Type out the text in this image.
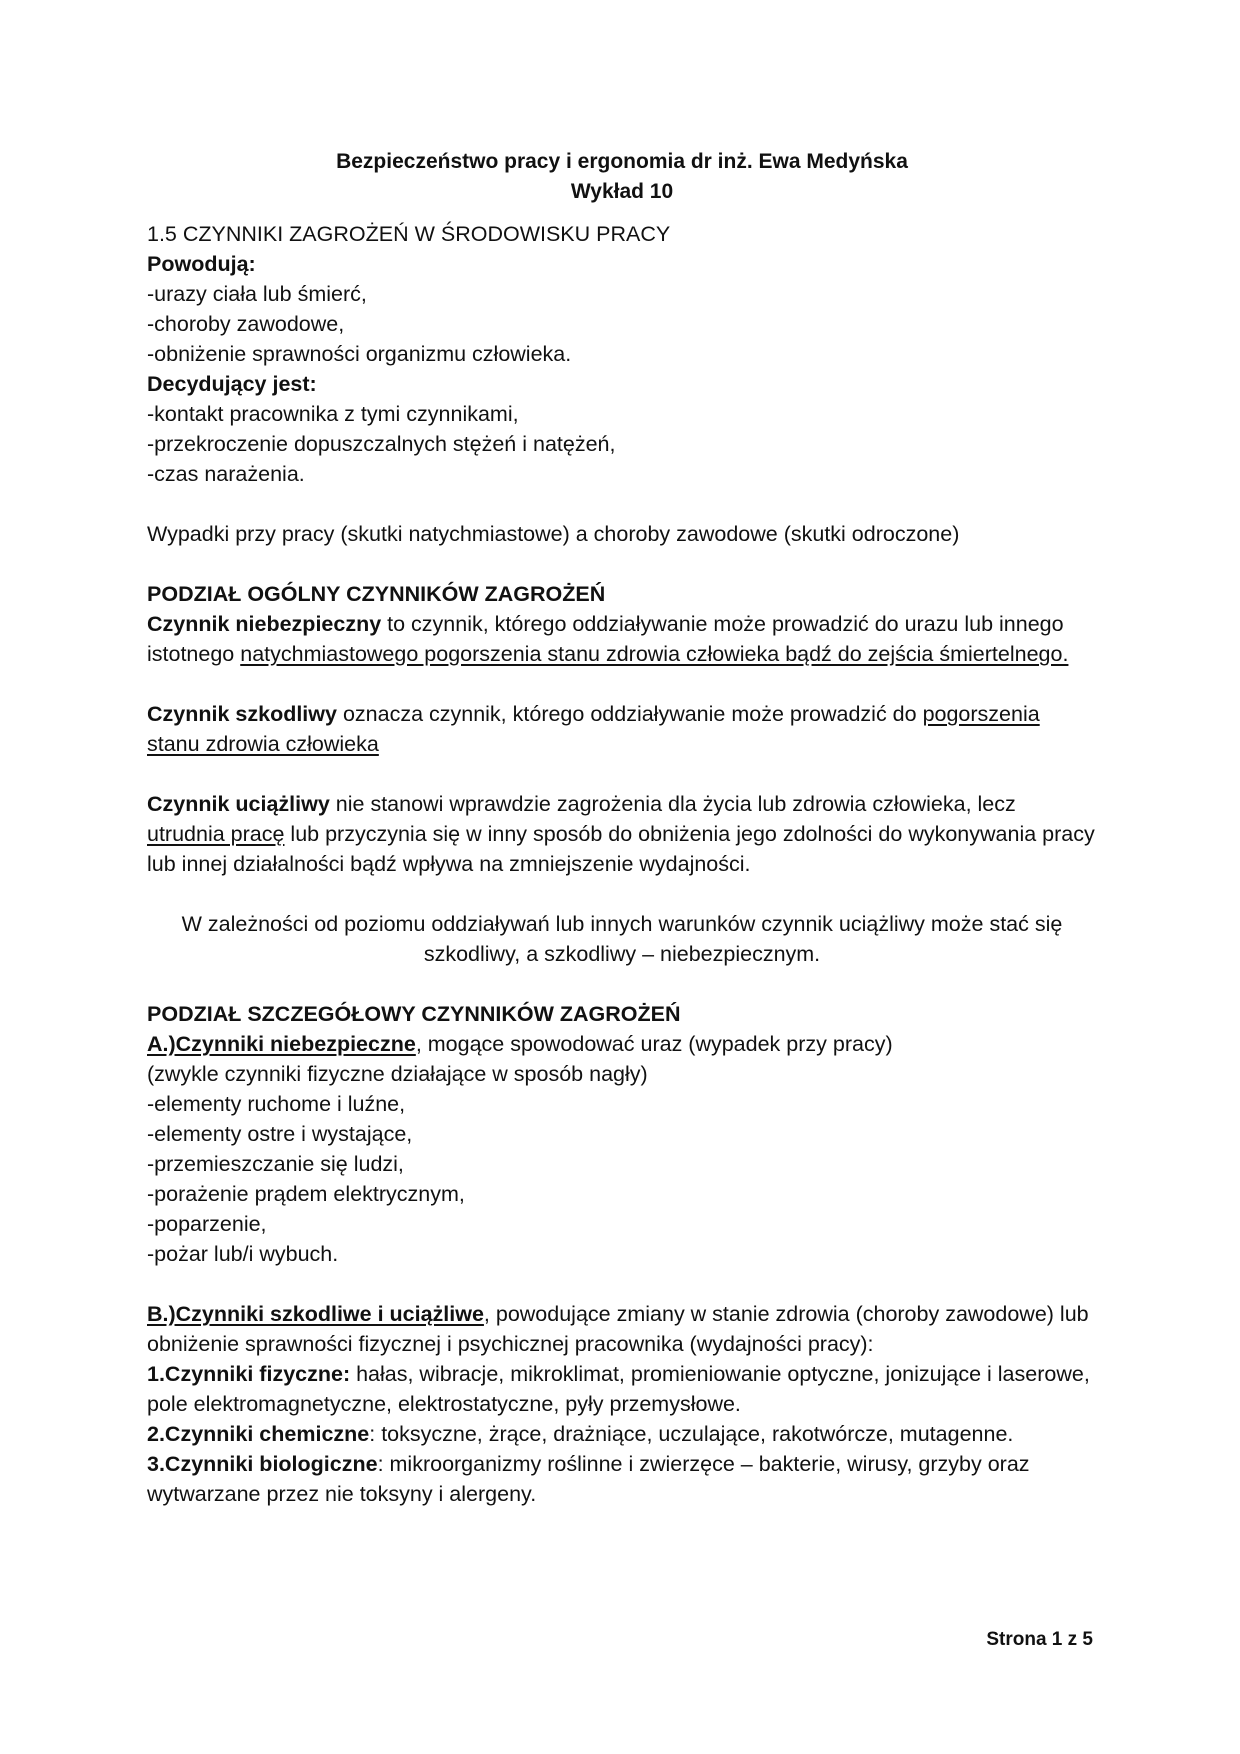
Bezpieczeństwo pracy i ergonomia dr inż. Ewa Medyńska

Wykład 10

1.5 CZYNNIKI ZAGROŻEŃ W ŚRODOWISKU PRACY

Powodują:

-urazy ciała lub śmierć,

-choroby zawodowe,

-obniżenie sprawności organizmu człowieka.

Decydujący jest:

-kontakt pracownika z tymi czynnikami,

-przekroczenie dopuszczalnych stężeń i natężeń,

-czas narażenia.

Wypadki przy pracy (skutki natychmiastowe) a choroby zawodowe (skutki odroczone)

PODZIAŁ OGÓLNY CZYNNIKÓW ZAGROŻEŃ

Czynnik niebezpieczny to czynnik, którego oddziaływanie może prowadzić do urazu lub innego istotnego natychmiastowego pogorszenia stanu zdrowia człowieka bądź do zejścia śmiertelnego.

Czynnik szkodliwy oznacza czynnik, którego oddziaływanie może prowadzić do pogorszenia stanu zdrowia człowieka

Czynnik uciążliwy nie stanowi wprawdzie zagrożenia dla życia lub zdrowia człowieka, lecz utrudnia pracę lub przyczynia się w inny sposób do obniżenia jego zdolności do wykonywania pracy lub innej działalności bądź wpływa na zmniejszenie wydajności.

W zależności od poziomu oddziaływań lub innych warunków czynnik uciążliwy może stać się szkodliwy, a szkodliwy – niebezpiecznym.

PODZIAŁ SZCZEGÓŁOWY CZYNNIKÓW ZAGROŻEŃ

A.)Czynniki niebezpieczne, mogące spowodować uraz (wypadek przy pracy)

(zwykle czynniki fizyczne działające w sposób nagły)

-elementy ruchome i luźne,

-elementy ostre i wystające,

-przemieszczanie się ludzi,

-porażenie prądem elektrycznym,

-poparzenie,

-pożar lub/i wybuch.

B.)Czynniki szkodliwe i uciążliwe, powodujące zmiany w stanie zdrowia (choroby zawodowe) lub obniżenie sprawności fizycznej i psychicznej pracownika (wydajności pracy):

1.Czynniki fizyczne: hałas, wibracje, mikroklimat, promieniowanie optyczne, jonizujące i laserowe, pole elektromagnetyczne, elektrostatyczne, pyły przemysłowe.

2.Czynniki chemiczne: toksyczne, żrące, drażniące, uczulające, rakotwórcze, mutagenne.

3.Czynniki biologiczne: mikroorganizmy roślinne i zwierzęce – bakterie, wirusy, grzyby oraz wytwarzane przez nie toksyny i alergeny.

Strona 1 z 5
